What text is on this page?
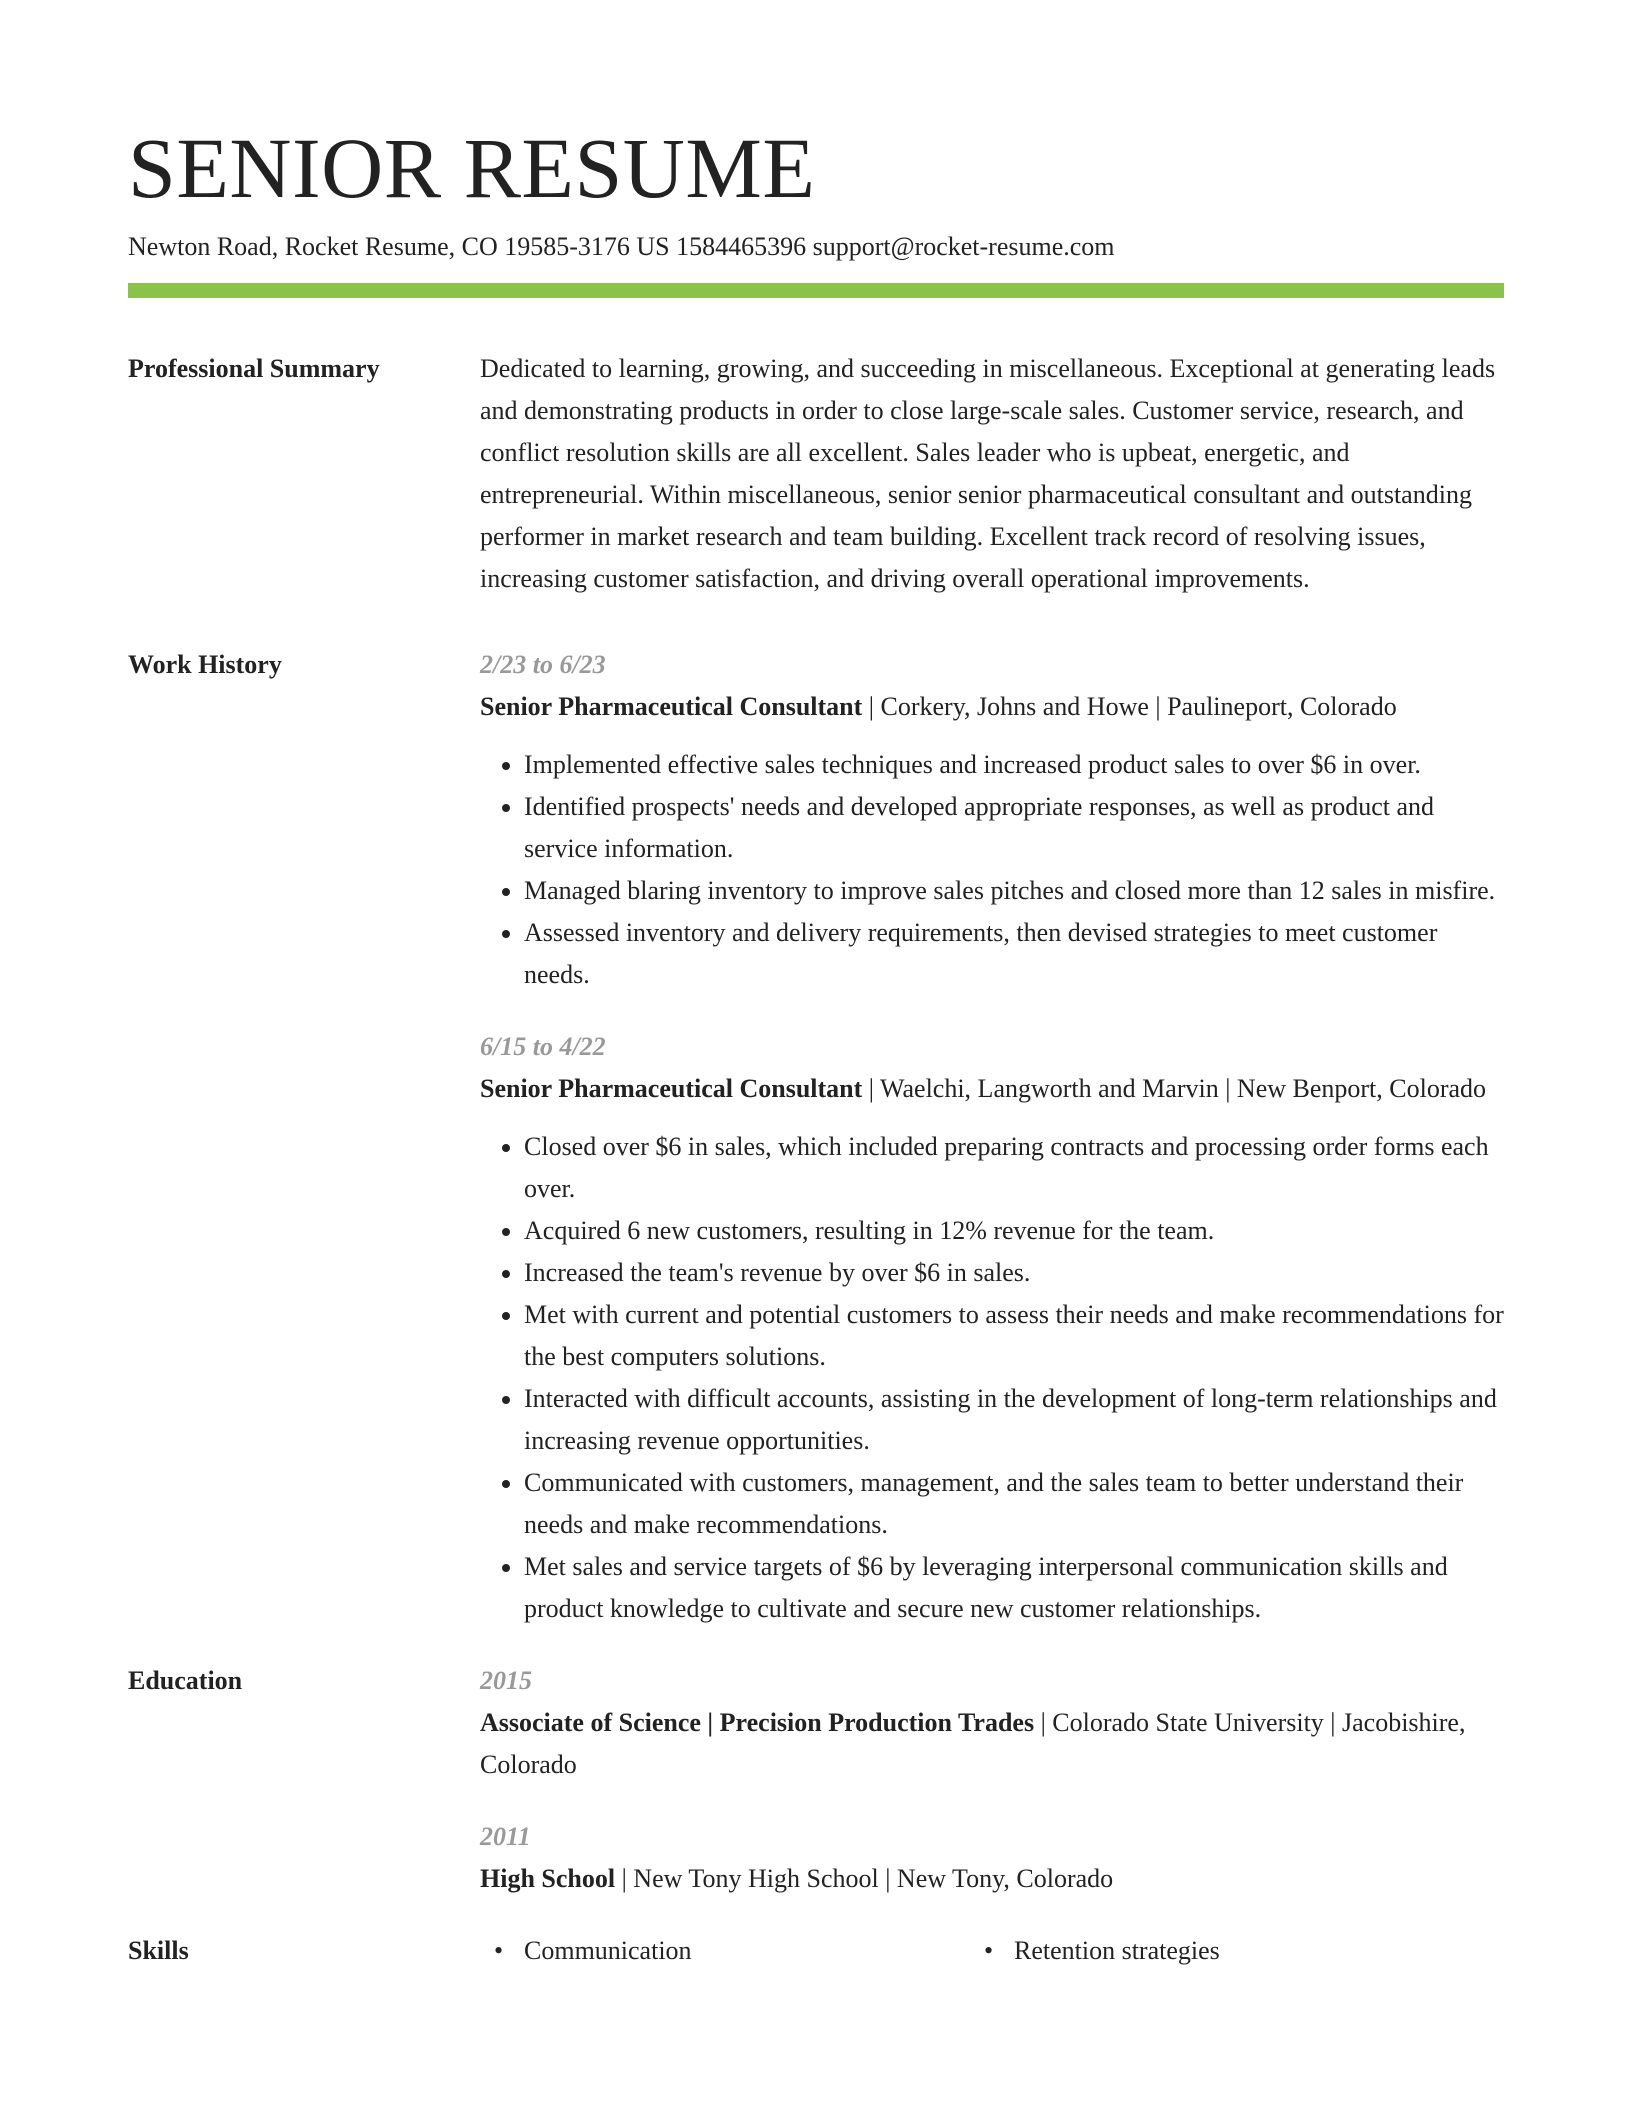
SENIOR RESUME
Newton Road, Rocket Resume, CO 19585-3176 US 1584465396 support@rocket-resume.com
Professional Summary	Dedicated to learning, growing, and succeeding in miscellaneous. Exceptional at generating leads and demonstrating products in order to close large-scale sales. Customer service, research, and conflict resolution skills are all excellent. Sales leader who is upbeat, energetic, and entrepreneurial. Within miscellaneous, senior senior pharmaceutical consultant and outstanding performer in market research and team building. Excellent track record of resolving issues, increasing customer satisfaction, and driving overall operational improvements.

Work History	2/23 to 6/23
Senior Pharmaceutical Consultant | Corkery, Johns and Howe | Paulineport, Colorado
• Implemented effective sales techniques and increased product sales to over $6 in over.
• Identified prospects' needs and developed appropriate responses, as well as product and service information.
• Managed blaring inventory to improve sales pitches and closed more than 12 sales in misfire.
• Assessed inventory and delivery requirements, then devised strategies to meet customer needs.
6/15 to 4/22
Senior Pharmaceutical Consultant | Waelchi, Langworth and Marvin | New Benport, Colorado
• Closed over $6 in sales, which included preparing contracts and processing order forms each over.
• Acquired 6 new customers, resulting in 12% revenue for the team.
• Increased the team's revenue by over $6 in sales.
• Met with current and potential customers to assess their needs and make recommendations for the best computers solutions.
• Interacted with difficult accounts, assisting in the development of long-term relationships and increasing revenue opportunities.
• Communicated with customers, management, and the sales team to better understand their needs and make recommendations.
• Met sales and service targets of $6 by leveraging interpersonal communication skills and product knowledge to cultivate and secure new customer relationships.
Education	2015
Associate of Science | Precision Production Trades | Colorado State University | Jacobishire, Colorado
2011
High School | New Tony High School | New Tony, Colorado
Skills	• Communication	• Retention strategies
